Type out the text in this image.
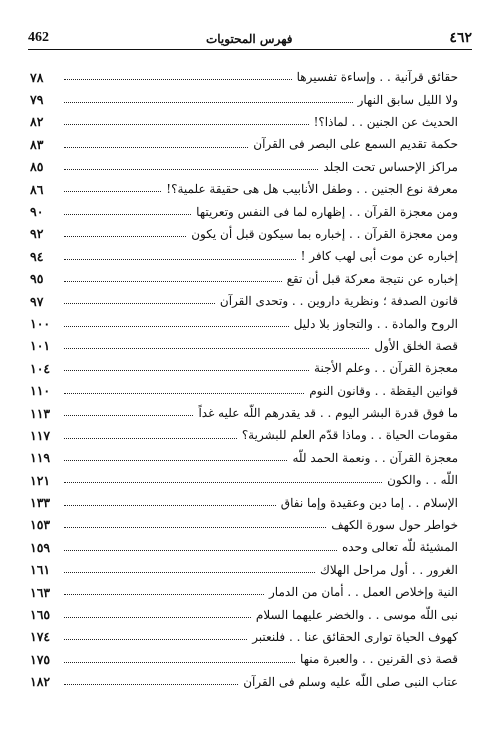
462	فهرس المحتويات	٤٦٢
حقائق قرآنية . . وإساءة تفسيرها
٧٨
ولا الليل سابق النهار
٧٩
الحديث عن الجنين . . لماذا؟!
٨٢
حكمة تقديم السمع على البصر فى القرآن
٨٣
مراكز الإحساس تحت الجلد
٨٥
معرفة نوع الجنين . . وطفل الأنابيب هل هى حقيقة علمية؟!
٨٦
ومن معجزة القرآن . . إظهاره لما فى النفس وتعريتها
٩٠
ومن معجزة القرآن . . إخباره بما سيكون قبل أن يكون
٩٢
إخباره عن موت أبى لهب كافر !
٩٤
إخباره عن نتيجة معركة قبل أن تقع
٩٥
قانون الصدفة ؛ ونظرية داروين . . وتحدى القرآن
٩٧
الروح والمادة . . والتجاوز بلا دليل
١٠٠
قصة الخلق الأول
١٠١
معجزة القرآن . . وعلم الأجنة
١٠٤
قوانين اليقظة . . وقانون النوم
١١٠
ما فوق قدرة البشر اليوم . . قد يقدرهم اللّه عليه غداً
١١٣
مقومات الحياة . . وماذا قدّم العلم للبشرية؟
١١٧
معجزة القرآن . . ونعمة الحمد للّه
١١٩
اللّه . . والكون
١٢١
الإسلام . . إما دين وعقيدة وإما نفاق
١٣٣
خواطر حول سورة الكهف
١٥٣
المشيئة للّه تعالى وحده
١٥٩
الغرور . . أول مراحل الهلاك
١٦١
النية وإخلاص العمل . . أمان من الدمار
١٦٣
نبى اللّه موسى . . والخضر عليهما السلام
١٦٥
كهوف الحياة توارى الحقائق عنا . . فلنعتبر
١٧٤
قصة ذى القرنين . . والعبرة منها
١٧٥
عتاب النبى صلى اللّه عليه وسلم فى القرآن
١٨٢
